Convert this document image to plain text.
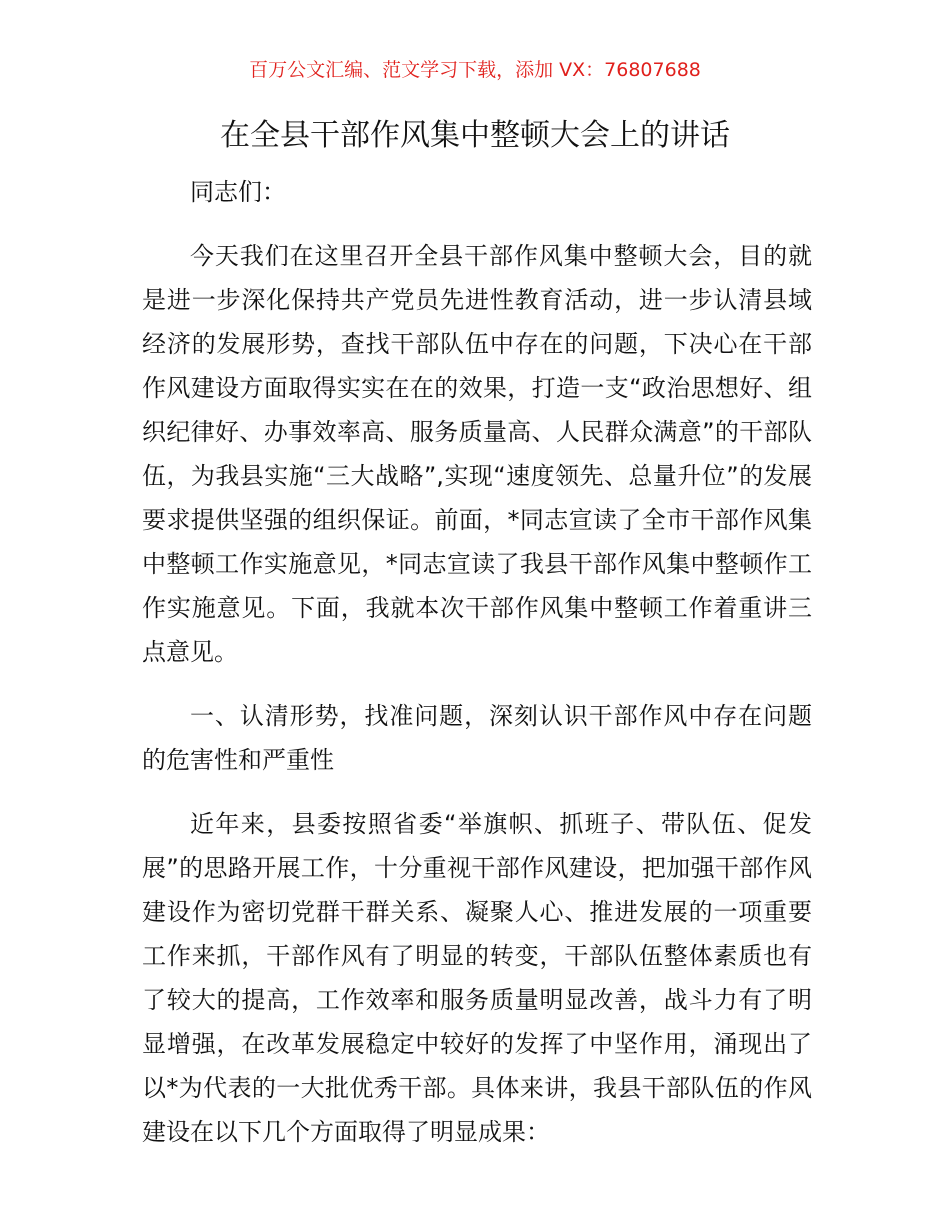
百万公文汇编、范文学习下载，添加 VX：76807688
在全县干部作风集中整顿大会上的讲话

同志们：

今天我们在这里召开全县干部作风集中整顿大会，目的就是进一步深化保持共产党员先进性教育活动，进一步认清县域经济的发展形势，查找干部队伍中存在的问题，下决心在干部作风建设方面取得实实在在的效果，打造一支“政治思想好、组织纪律好、办事效率高、服务质量高、人民群众满意”的干部队伍，为我县实施“三大战略”,实现“速度领先、总量升位”的发展要求提供坚强的组织保证。前面，*同志宣读了全市干部作风集中整顿工作实施意见，*同志宣读了我县干部作风集中整顿作工作实施意见。下面，我就本次干部作风集中整顿工作着重讲三点意见。

一、认清形势，找准问题，深刻认识干部作风中存在问题的危害性和严重性

近年来，县委按照省委“举旗帜、抓班子、带队伍、促发展”的思路开展工作，十分重视干部作风建设，把加强干部作风建设作为密切党群干群关系、凝聚人心、推进发展的一项重要工作来抓，干部作风有了明显的转变，干部队伍整体素质也有了较大的提高，工作效率和服务质量明显改善，战斗力有了明显增强，在改革发展稳定中较好的发挥了中坚作用，涌现出了以*为代表的一大批优秀干部。具体来讲，我县干部队伍的作风建设在以下几个方面取得了明显成果：
